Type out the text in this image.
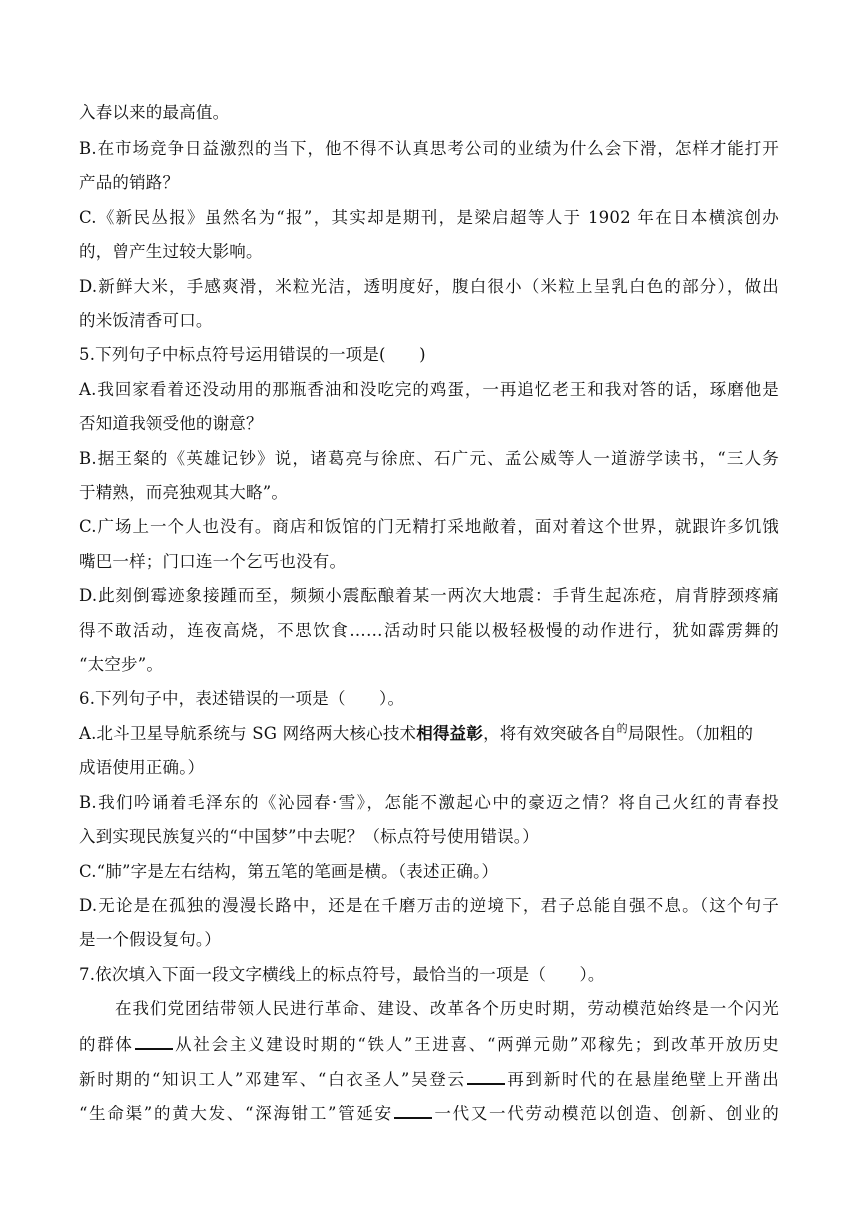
入春以来的最高值。
B.在市场竞争日益激烈的当下，他不得不认真思考公司的业绩为什么会下滑，怎样才能打开
产品的销路？
C.《新民丛报》虽然名为“报”，其实却是期刊，是梁启超等人于 1902 年在日本横滨创办
的，曾产生过较大影响。
D.新鲜大米，手感爽滑，米粒光洁，透明度好，腹白很小（米粒上呈乳白色的部分），做出
的米饭清香可口。
5.下列句子中标点符号运用错误的一项是(　　)
A.我回家看着还没动用的那瓶香油和没吃完的鸡蛋，一再追忆老王和我对答的话，琢磨他是
否知道我领受他的谢意？
B.据王粲的《英雄记钞》说，诸葛亮与徐庶、石广元、孟公威等人一道游学读书，“三人务
于精熟，而亮独观其大略”。
C.广场上一个人也没有。商店和饭馆的门无精打采地敞着，面对着这个世界，就跟许多饥饿
嘴巴一样；门口连一个乞丐也没有。
D.此刻倒霉迹象接踵而至，频频小震酝酿着某一两次大地震：手背生起冻疮，肩背脖颈疼痛
得不敢活动，连夜高烧，不思饮食……活动时只能以极轻极慢的动作进行，犹如霹雳舞的
“太空步”。
6.下列句子中，表述错误的一项是（　　）。
A.北斗卫星导航系统与 SG 网络两大核心技术相得益彰，将有效突破各自$^的$局限性。（加粗的
成语使用正确。）
B.我们吟诵着毛泽东的《沁园春·雪》，怎能不激起心中的豪迈之情？将自己火红的青春投
入到实现民族复兴的“中国梦”中去呢？（标点符号使用错误。）
C.“肺”字是左右结构，第五笔的笔画是横。（表述正确。）
D.无论是在孤独的漫漫长路中，还是在千磨万击的逆境下，君子总能自强不息。（这个句子
是一个假设复句。）
7.依次填入下面一段文字横线上的标点符号，最恰当的一项是（　　）。
在我们党团结带领人民进行革命、建设、改革各个历史时期，劳动模范始终是一个闪光
的群体 从社会主义建设时期的“铁人”王进喜、“两弹元勋”邓稼先；到改革开放历史
新时期的“知识工人”邓建军、“白衣圣人”吴登云 再到新时代的在悬崖绝壁上开凿出
“生命渠”的黄大发、“深海钳工”管延安 一代又一代劳动模范以创造、创新、创业的
